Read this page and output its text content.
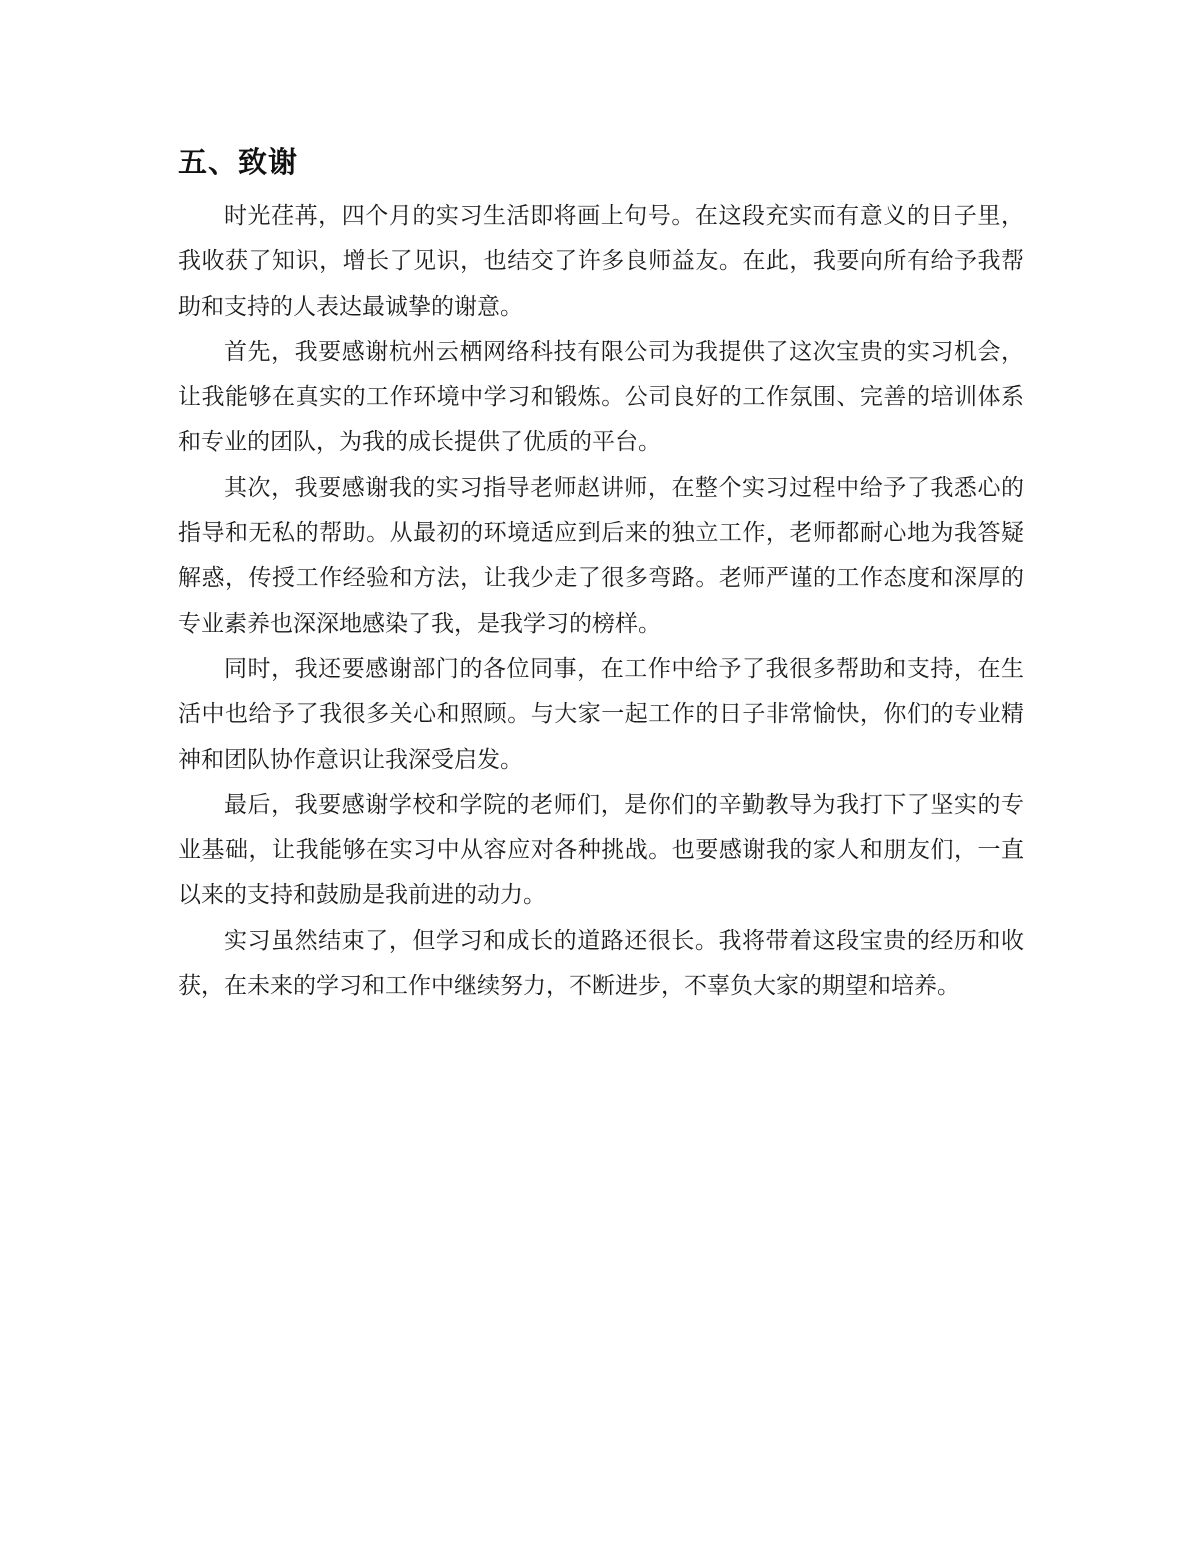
五、致谢

时光荏苒，四个月的实习生活即将画上句号。在这段充实而有意义的日子里，我收获了知识，增长了见识，也结交了许多良师益友。在此，我要向所有给予我帮助和支持的人表达最诚挚的谢意。

首先，我要感谢杭州云栖网络科技有限公司为我提供了这次宝贵的实习机会，让我能够在真实的工作环境中学习和锻炼。公司良好的工作氛围、完善的培训体系和专业的团队，为我的成长提供了优质的平台。

其次，我要感谢我的实习指导老师赵讲师，在整个实习过程中给予了我悉心的指导和无私的帮助。从最初的环境适应到后来的独立工作，老师都耐心地为我答疑解惑，传授工作经验和方法，让我少走了很多弯路。老师严谨的工作态度和深厚的专业素养也深深地感染了我，是我学习的榜样。

同时，我还要感谢部门的各位同事，在工作中给予了我很多帮助和支持，在生活中也给予了我很多关心和照顾。与大家一起工作的日子非常愉快，你们的专业精神和团队协作意识让我深受启发。

最后，我要感谢学校和学院的老师们，是你们的辛勤教导为我打下了坚实的专业基础，让我能够在实习中从容应对各种挑战。也要感谢我的家人和朋友们，一直以来的支持和鼓励是我前进的动力。

实习虽然结束了，但学习和成长的道路还很长。我将带着这段宝贵的经历和收获，在未来的学习和工作中继续努力，不断进步，不辜负大家的期望和培养。
